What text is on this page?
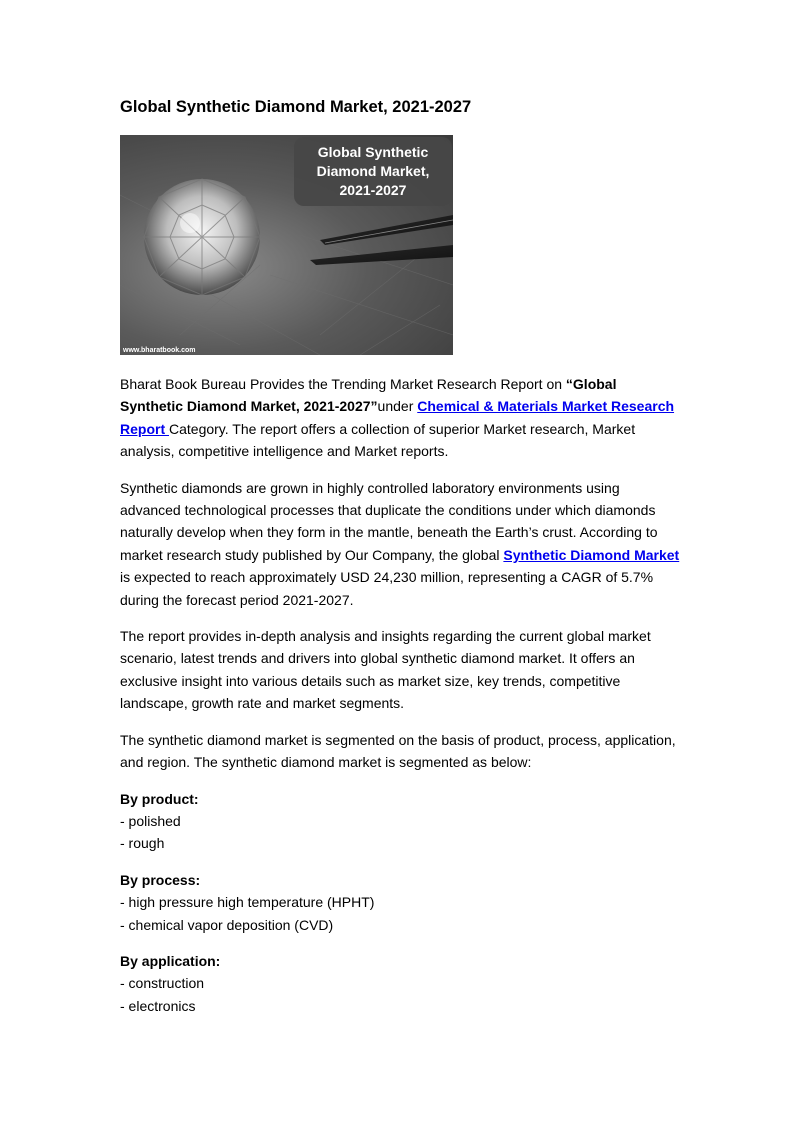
Global Synthetic Diamond Market, 2021-2027
Global Synthetic Diamond Market, 2021-2027
www.bharatbook.com

Bharat Book Bureau Provides the Trending Market Research Report on “Global Synthetic Diamond Market, 2021-2027”under Chemical & Materials Market Research Report Category. The report offers a collection of superior Market research, Market analysis, competitive intelligence and Market reports.

Synthetic diamonds are grown in highly controlled laboratory environments using advanced technological processes that duplicate the conditions under which diamonds naturally develop when they form in the mantle, beneath the Earth’s crust. According to market research study published by Our Company, the global Synthetic Diamond Market is expected to reach approximately USD 24,230 million, representing a CAGR of 5.7% during the forecast period 2021-2027.

The report provides in-depth analysis and insights regarding the current global market scenario, latest trends and drivers into global synthetic diamond market. It offers an exclusive insight into various details such as market size, key trends, competitive landscape, growth rate and market segments.

The synthetic diamond market is segmented on the basis of product, process, application, and region. The synthetic diamond market is segmented as below:

By product:
- polished
- rough
By process:
- high pressure high temperature (HPHT)
- chemical vapor deposition (CVD)
By application:
- construction
- electronics
